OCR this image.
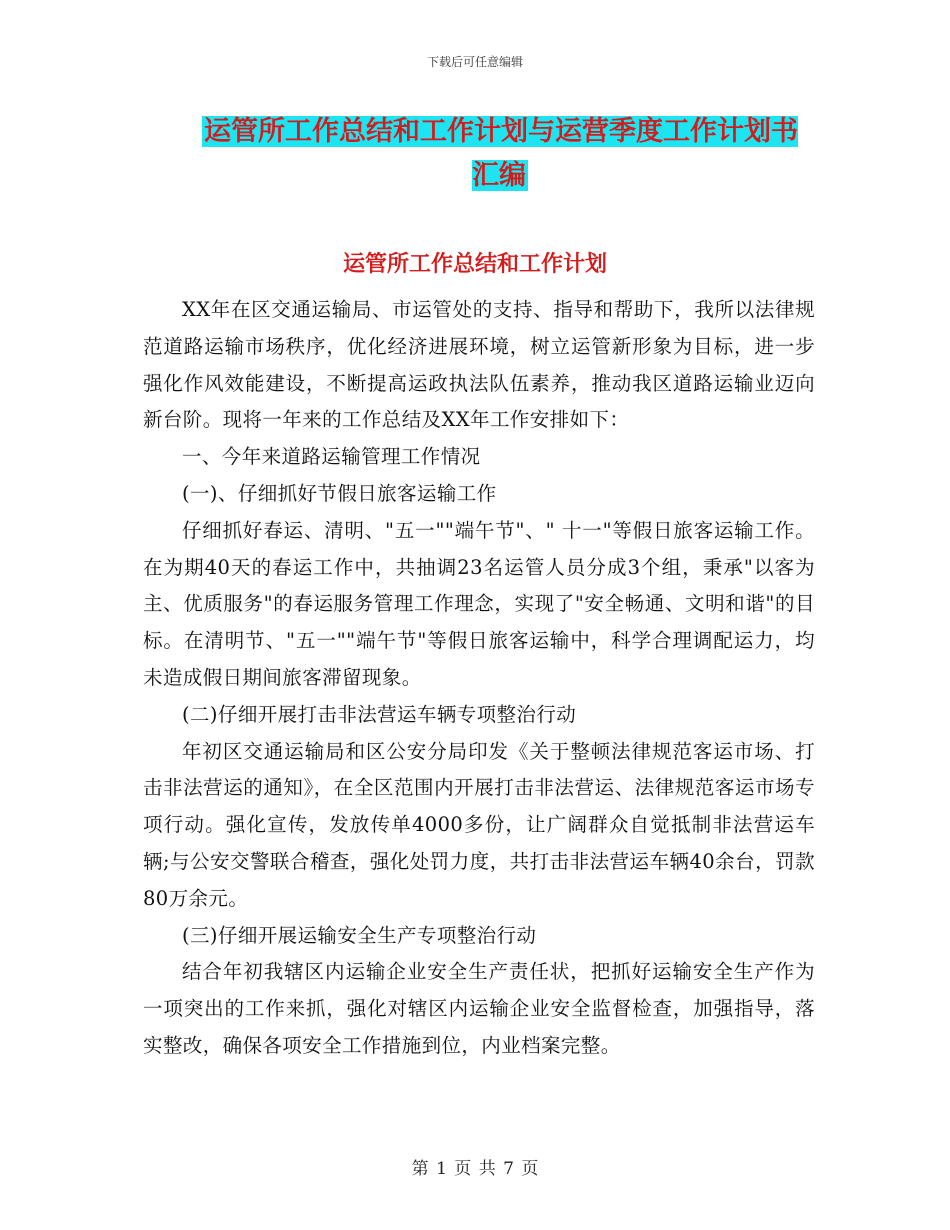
下载后可任意编辑
运管所工作总结和工作计划与运营季度工作计划书汇编
运管所工作总结和工作计划

XX年在区交通运输局、市运管处的支持、指导和帮助下，我所以法律规范道路运输市场秩序，优化经济进展环境，树立运管新形象为目标，进一步强化作风效能建设，不断提高运政执法队伍素养，推动我区道路运输业迈向新台阶。现将一年来的工作总结及XX年工作安排如下：

一、今年来道路运输管理工作情况

(一)、仔细抓好节假日旅客运输工作

仔细抓好春运、清明、"五一""端午节"、" 十一"等假日旅客运输工作。在为期40天的春运工作中，共抽调23名运管人员分成3个组，秉承"以客为主、优质服务"的春运服务管理工作理念，实现了"安全畅通、文明和谐"的目标。在清明节、"五一""端午节"等假日旅客运输中，科学合理调配运力，均未造成假日期间旅客滞留现象。

(二)仔细开展打击非法营运车辆专项整治行动

年初区交通运输局和区公安分局印发《关于整顿法律规范客运市场、打击非法营运的通知》，在全区范围内开展打击非法营运、法律规范客运市场专项行动。强化宣传，发放传单4000多份，让广阔群众自觉抵制非法营运车辆;与公安交警联合稽查，强化处罚力度，共打击非法营运车辆40余台，罚款80万余元。

(三)仔细开展运输安全生产专项整治行动

结合年初我辖区内运输企业安全生产责任状，把抓好运输安全生产作为一项突出的工作来抓，强化对辖区内运输企业安全监督检查，加强指导，落实整改，确保各项安全工作措施到位，内业档案完整。

第 1 页 共 7 页
